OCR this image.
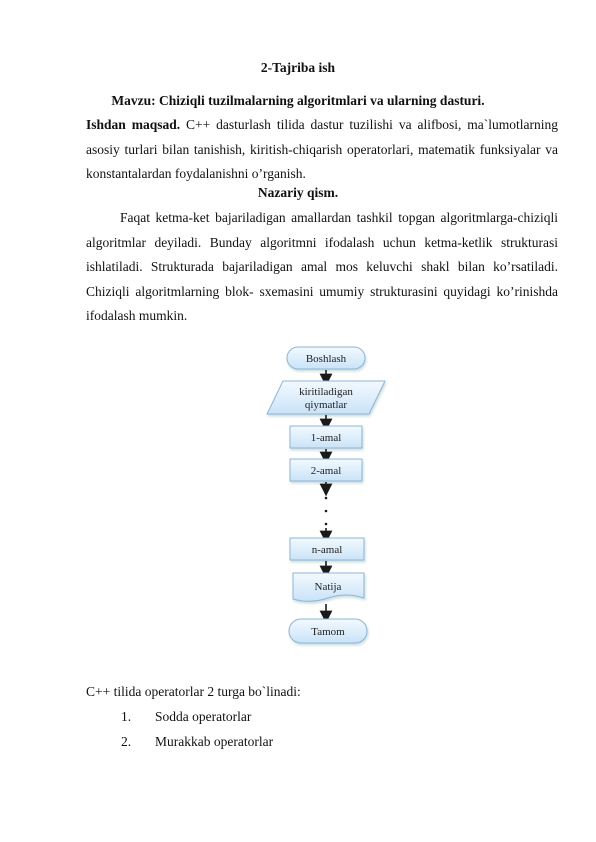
2-Tajriba ish
Mavzu: Chiziqli tuzilmalarning algoritmlari va ularning dasturi.
Ishdan maqsad. C++ dasturlash tilida dastur tuzilishi va alifbosi, ma`lumotlarning asosiy turlari bilan tanishish, kiritish-chiqarish operatorlari, matematik funksiyalar va konstantalardan foydalanishni o’rganish.
Nazariy qism.
Faqat ketma-ket bajariladigan amallardan tashkil topgan algoritmlarga-chiziqli algoritmlar deyiladi. Bunday algoritmni ifodalash uchun ketma-ketlik strukturasi ishlatiladi. Strukturada bajariladigan amal mos keluvchi shakl bilan ko’rsatiladi. Chiziqli algoritmlarning blok- sxemasini umumiy strukturasini quyidagi ko’rinishda ifodalash mumkin.
Boshlash
kiritiladigan
qiymatlar
1-amal
2-amal
n-amal
Natija
Tamom
C++ tilida operatorlar 2 turga bo`linadi:
1. Sodda operatorlar
2. Murakkab operatorlar
